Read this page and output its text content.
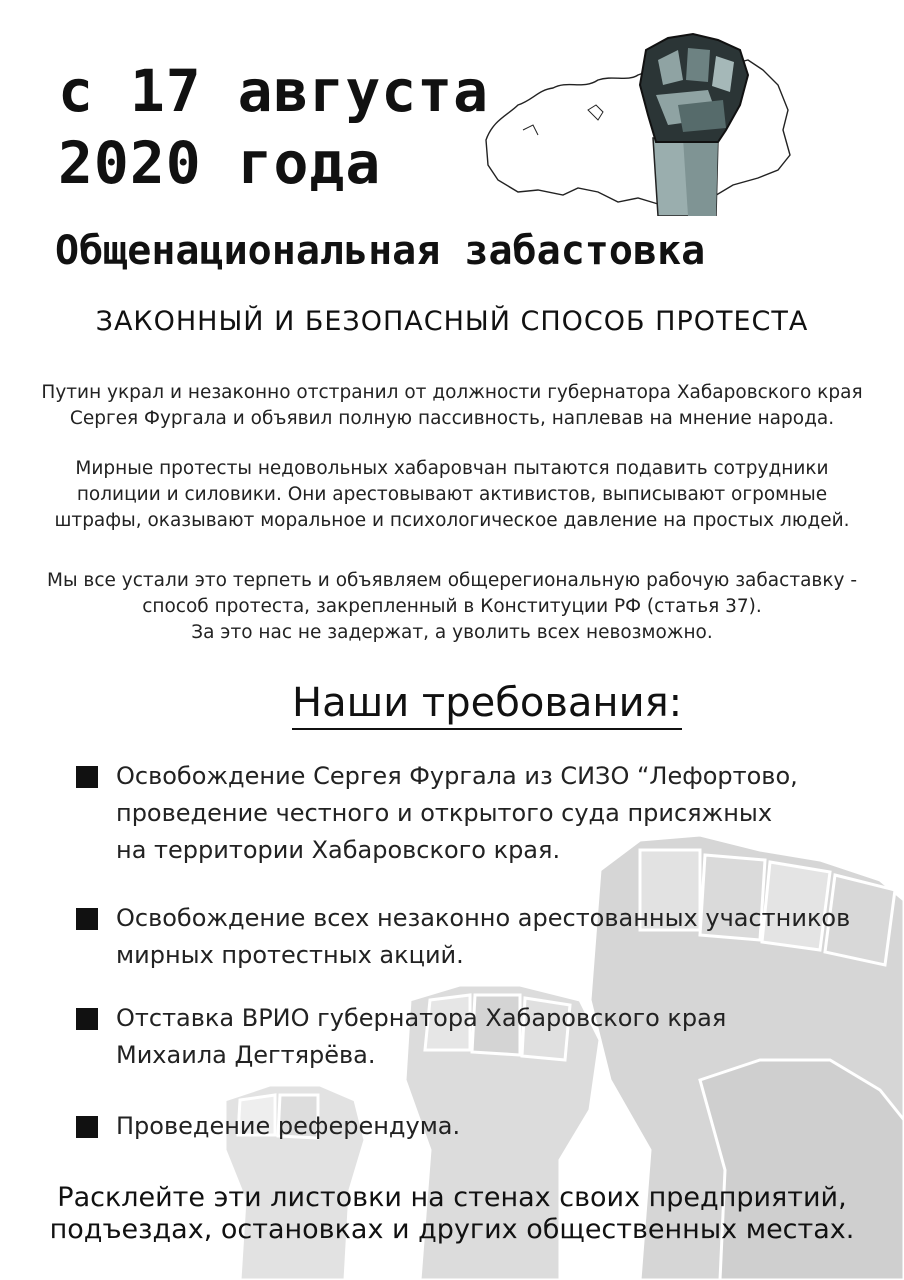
с 17 августа
2020 года
Общенациональная забастовка
ЗАКОННЫЙ И БЕЗОПАСНЫЙ СПОСОБ ПРОТЕСТА
Путин украл и незаконно отстранил от должности губернатора Хабаровского края
Сергея Фургала и объявил полную пассивность, наплевав на мнение народа.
Мирные протесты недовольных хабаровчан пытаются подавить сотрудники
полиции и силовики. Они арестовывают активистов, выписывают огромные
штрафы, оказывают моральное и психологическое давление на простых людей.
Мы все устали это терпеть и объявляем общерегиональную рабочую забаставку -
способ протеста, закрепленный в Конституции РФ (статья 37).
За это нас не задержат, а уволить всех невозможно.
Наши требования:
Освобождение Сергея Фургала из СИЗО “Лефортово,
проведение честного и открытого суда присяжных
на территории Хабаровского края.
Освобождение всех незаконно арестованных участников
мирных протестных акций.
Отставка ВРИО губернатора Хабаровского края
Михаила Дегтярёва.
Проведение референдума.
Расклейте эти листовки на стенах своих предприятий,
подъездах, остановках и других общественных местах.
